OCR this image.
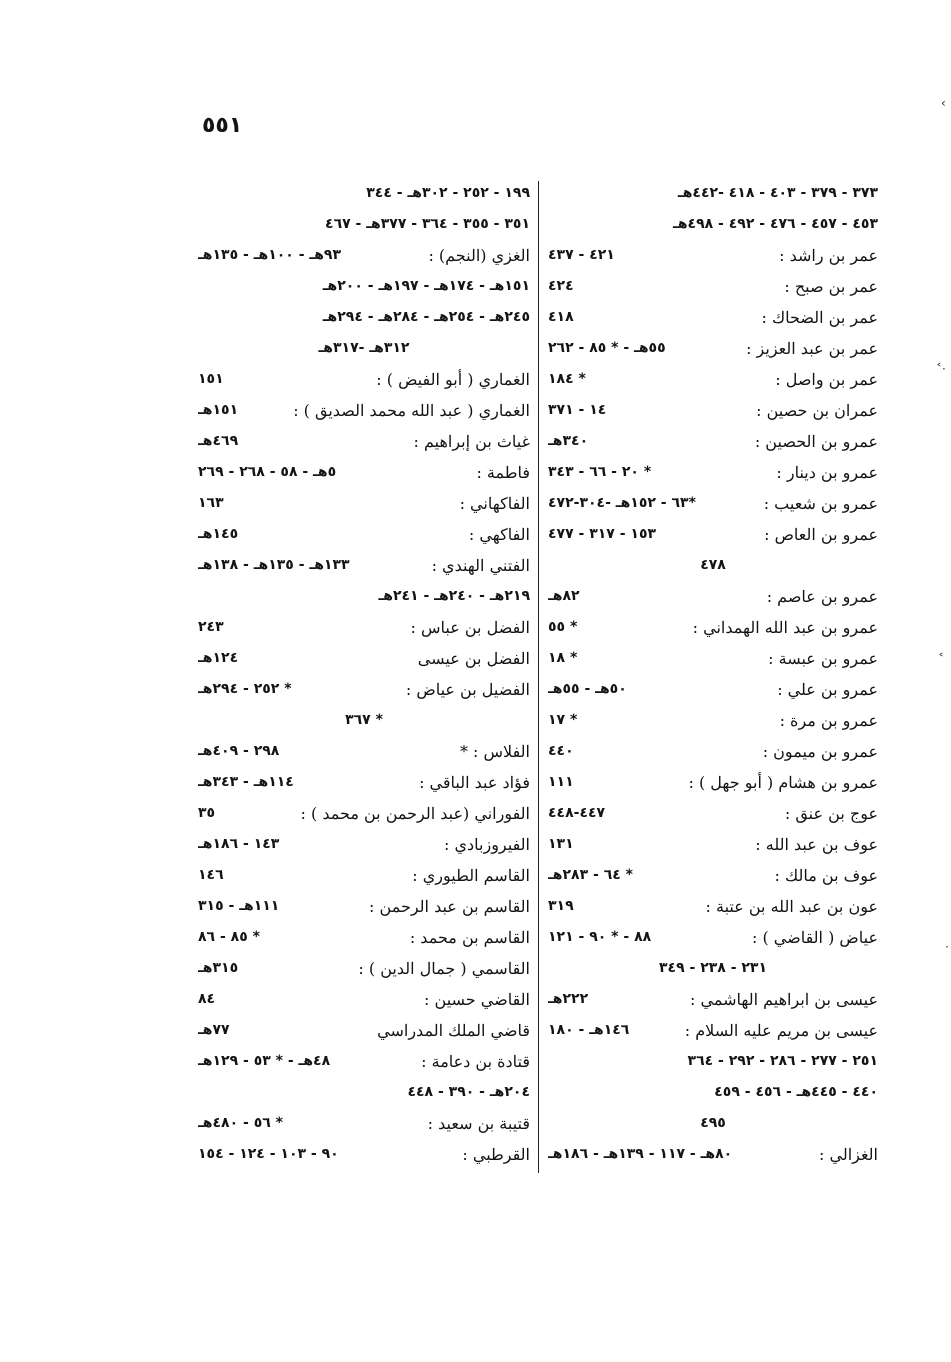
٥٥١
‹
˂·
˂
·
٣٧٣ - ٣٧٩ - ٤٠٣ - ٤١٨ -٤٤٢هـ
٤٥٣ - ٤٥٧ - ٤٧٦ - ٤٩٢ - ٤٩٨هـ
عمر بن راشد :
٤٢١ - ٤٣٧
عمر بن صبح :
٤٢٤
عمر بن الضحاك :
٤١٨
عمر بن عبد العزيز :
٥٥هـ - * ٨٥ - ٢٦٢
عمر بن واصل :
* ١٨٤
عمران بن حصين :
١٤ - ٣٧١
عمرو بن الحصين :
٣٤٠هـ
عمرو بن دينار :
* ٢٠ - ٦٦ - ٣٤٣
عمرو بن شعيب :
*٦٣ - ١٥٢هـ -٣٠٤-٤٧٢
عمرو بن العاص :
١٥٣ - ٣١٧ - ٤٧٧
٤٧٨
عمرو بن عاصم :
٨٢هـ
عمرو بن عبد الله الهمداني :
* ٥٥
عمرو بن عبسة :
* ١٨
عمرو بن علي :
٥٠هـ - ٥٥هـ
عمرو بن مرة :
* ١٧
عمرو بن ميمون :
٤٤٠
عمرو بن هشام ( أبو جهل ) :
١١١
عوج بن عنق :
٤٤٧-٤٤٨
عوف بن عبد الله :
١٣١
عوف بن مالك :
* ٦٤ - ٢٨٣هـ
عون بن عبد الله بن عتبة :
٣١٩
عياض ( القاضي ) :
٨٨ - * ٩٠ - ١٢١
٢٣١ - ٢٣٨ - ٣٤٩
عيسى بن ابراهيم الهاشمي :
٢٢٢هـ
عيسى بن مريم عليه السلام :
١٤٦هـ - ١٨٠
٢٥١ - ٢٧٧ - ٢٨٦ - ٢٩٢ - ٣٦٤
٤٤٠ - ٤٤٥هـ - ٤٥٦ - ٤٥٩
٤٩٥
الغزالي :
٨٠هـ - ١١٧ - ١٣٩هـ - ١٨٦هـ
١٩٩ - ٢٥٢ - ٣٠٢هـ - ٣٤٤
٣٥١ - ٣٥٥ - ٣٦٤ - ٣٧٧هـ - ٤٦٧
الغزي (النجم) :
٩٣هـ - ١٠٠هـ - ١٣٥هـ
١٥١هـ - ١٧٤هـ - ١٩٧هـ - ٢٠٠هـ
٢٤٥هـ - ٢٥٤هـ - ٢٨٤هـ - ٢٩٤هـ
٣١٢هـ -٣١٧هـ
الغماري ( أبو الفيض ) :
١٥١
الغماري ( عبد الله محمد الصديق ) :
١٥١هـ
غياث بن إبراهيم :
٤٦٩هـ
فاطمة :
٥هـ - ٥٨ - ٢٦٨ - ٢٦٩
الفاكهاني :
١٦٣
الفاكهي :
١٤٥هـ
الفتني الهندي :
١٣٣هـ - ١٣٥هـ - ١٣٨هـ
٢١٩هـ - ٢٤٠هـ - ٢٤١هـ
الفضل بن عباس :
٢٤٣
الفضل بن عيسى
١٢٤هـ
الفضيل بن عياض :
* ٢٥٢ - ٢٩٤هـ
* ٣٦٧
الفلاس : *
٢٩٨ - ٤٠٩هـ
فؤاد عبد الباقي :
١١٤هـ - ٣٤٣هـ
الفوراني (عبد الرحمن بن محمد ) :
٣٥
الفيروزبادي :
١٤٣ - ١٨٦هـ
القاسم الطيوري :
١٤٦
القاسم بن عبد الرحمن :
١١١هـ - ٣١٥
القاسم بن محمد :
* ٨٥ - ٨٦
القاسمي ( جمال الدين ) :
٣١٥هـ
القاضي حسين :
٨٤
قاضي الملك المدراسي
٧٧هـ
قتادة بن دعامة :
٤٨هـ - * ٥٣ - ١٢٩هـ
٢٠٤هـ - ٣٩٠ - ٤٤٨
قتيبة بن سعيد :
* ٥٦ - ٤٨٠هـ
القرطبي :
٩٠ - ١٠٣ - ١٢٤ - ١٥٤
